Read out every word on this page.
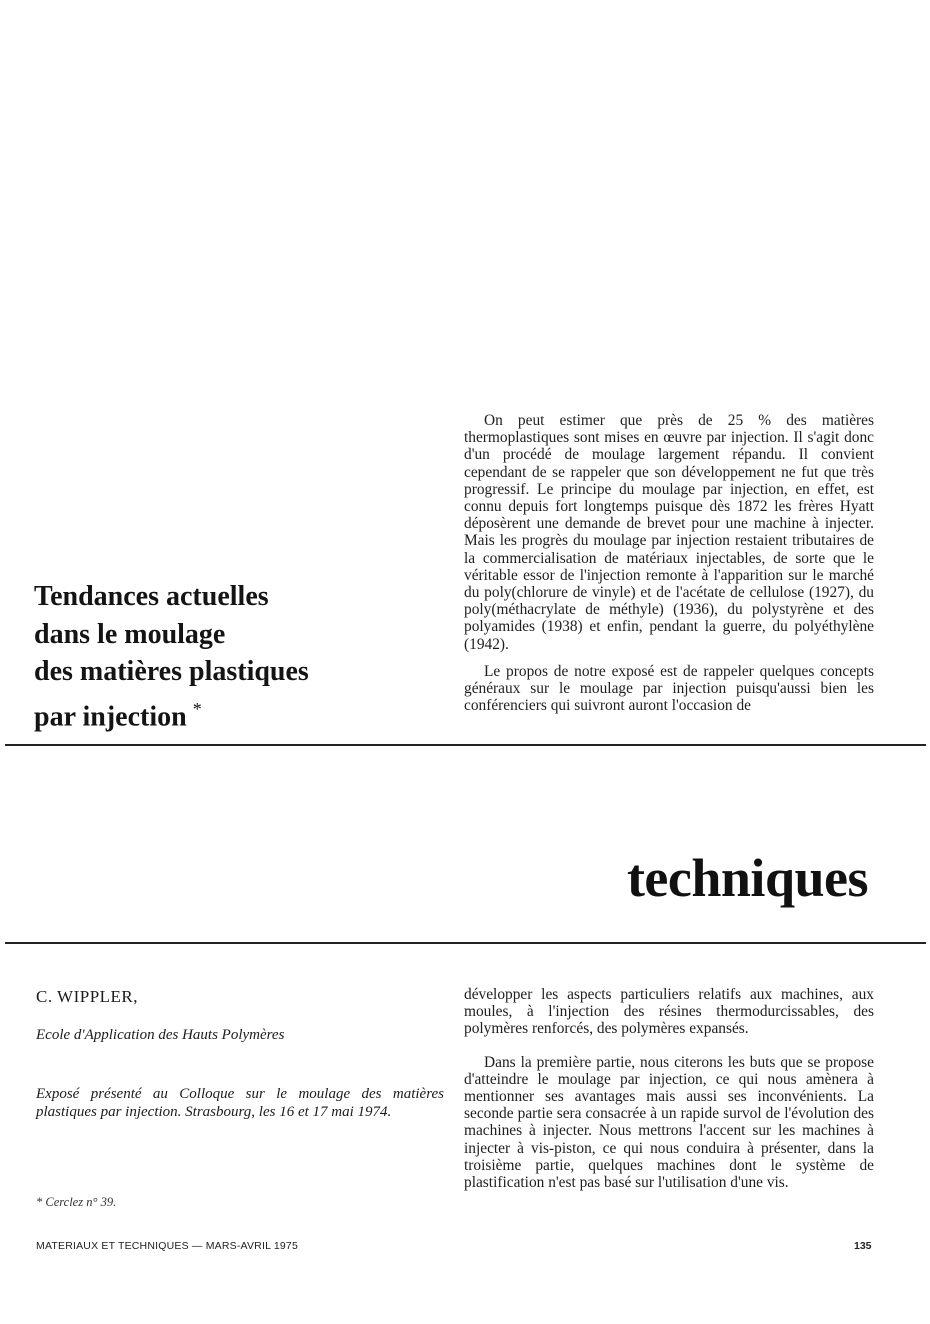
Tendances actuelles
dans le moulage
des matières plastiques
par injection *

On peut estimer que près de 25 % des matières thermoplastiques sont mises en œuvre par injection. Il s'agit donc d'un procédé de moulage largement répandu. Il convient cependant de se rappeler que son développement ne fut que très progressif. Le principe du moulage par injection, en effet, est connu depuis fort longtemps puisque dès 1872 les frères Hyatt déposèrent une demande de brevet pour une machine à injecter. Mais les progrès du moulage par injection restaient tributaires de la commercialisation de matériaux injectables, de sorte que le véritable essor de l'injection remonte à l'apparition sur le marché du poly(chlorure de vinyle) et de l'acétate de cellulose (1927), du poly(méthacrylate de méthyle) (1936), du polystyrène et des polyamides (1938) et enfin, pendant la guerre, du polyéthylène (1942).

Le propos de notre exposé est de rappeler quelques concepts généraux sur le moulage par injection puisqu'aussi bien les conférenciers qui suivront auront l'occasion de

techniques
C. WIPPLER,
Ecole d'Application des Hauts Polymères
Exposé présenté au Colloque sur le moulage des matières plastiques par injection. Strasbourg, les 16 et 17 mai 1974.
* Cerclez n° 39.

développer les aspects particuliers relatifs aux machines, aux moules, à l'injection des résines thermodurcissables, des polymères renforcés, des polymères expansés.

Dans la première partie, nous citerons les buts que se propose d'atteindre le moulage par injection, ce qui nous amènera à mentionner ses avantages mais aussi ses inconvénients. La seconde partie sera consacrée à un rapide survol de l'évolution des machines à injecter. Nous mettrons l'accent sur les machines à injecter à vis-piston, ce qui nous conduira à présenter, dans la troisième partie, quelques machines dont le système de plastification n'est pas basé sur l'utilisation d'une vis.

MATERIAUX ET TECHNIQUES — MARS-AVRIL 1975	135
